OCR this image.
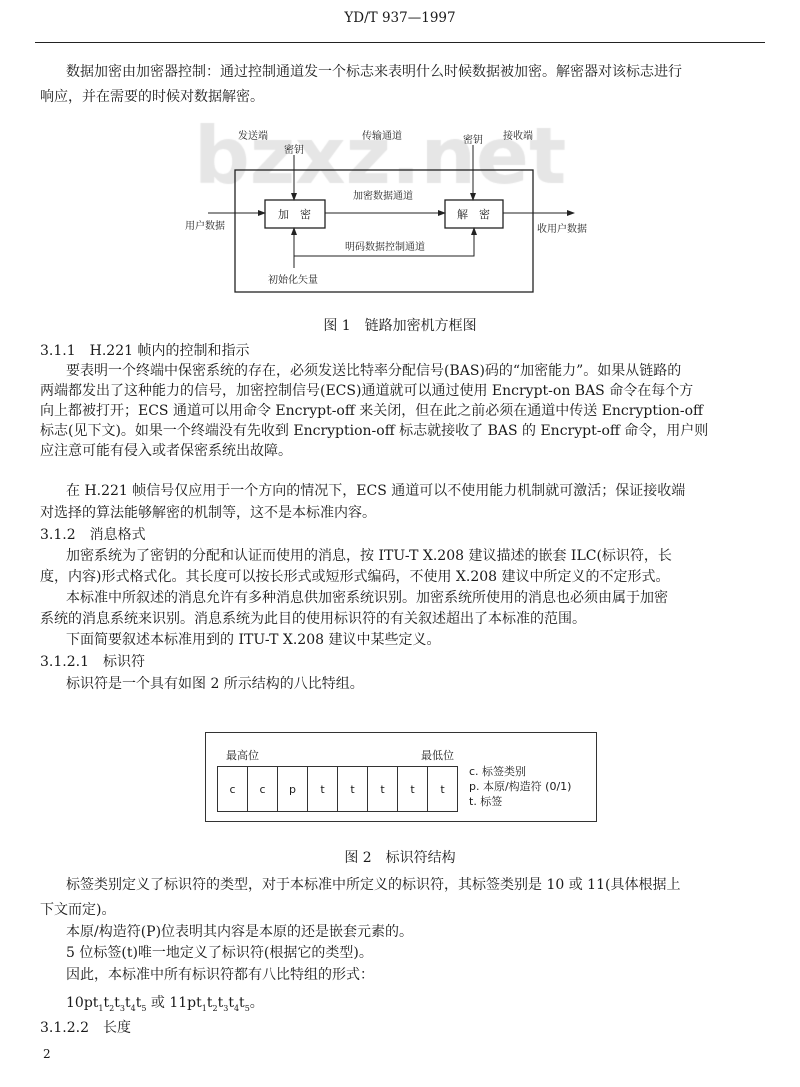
YD/T 937—1997
数据加密由加密器控制：通过控制通道发一个标志来表明什么时候数据被加密。解密器对该标志进行
响应，并在需要的时候对数据解密。
发送端	传输通道	接收端
密钥
密钥
加　密	解　密
加密数据通道
明码数据控制通道
用户数据	收用户数据
初始化矢量
图 1　链路加密机方框图
3.1.1　H.221 帧内的控制和指示
要表明一个终端中保密系统的存在，必须发送比特率分配信号(BAS)码的“加密能力”。如果从链路的
两端都发出了这种能力的信号，加密控制信号(ECS)通道就可以通过使用 Encrypt-on BAS 命令在每个方
向上都被打开；ECS 通道可以用命令 Encrypt-off 来关闭，但在此之前必须在通道中传送 Encryption-off
标志(见下文)。如果一个终端没有先收到 Encryption-off 标志就接收了 BAS 的 Encrypt-off 命令，用户则
应注意可能有侵入或者保密系统出故障。
在 H.221 帧信号仅应用于一个方向的情况下，ECS 通道可以不使用能力机制就可激活；保证接收端
对选择的算法能够解密的机制等，这不是本标准内容。
3.1.2　消息格式
加密系统为了密钥的分配和认证而使用的消息，按 ITU-T X.208 建议描述的嵌套 ILC(标识符，长
度，内容)形式格式化。其长度可以按长形式或短形式编码，不使用 X.208 建议中所定义的不定形式。
本标准中所叙述的消息允许有多种消息供加密系统识别。加密系统所使用的消息也必须由属于加密
系统的消息系统来识别。消息系统为此目的使用标识符的有关叙述超出了本标准的范围。
下面简要叙述本标准用到的 ITU-T X.208 建议中某些定义。
3.1.2.1　标识符
标识符是一个具有如图 2 所示结构的八比特组。
最高位	最低位
c	c	p	t	t	t	t	t
c. 标签类别
p. 本原/构造符 (0/1)
t. 标签
图 2　标识符结构
标签类别定义了标识符的类型，对于本标准中所定义的标识符，其标签类别是 10 或 11(具体根据上
下文而定)。
本原/构造符(P)位表明其内容是本原的还是嵌套元素的。
5 位标签(t)唯一地定义了标识符(根据它的类型)。
因此，本标准中所有标识符都有八比特组的形式：
$10pt_1t_2t_3t_4t_5$ 或 $11pt_1t_2t_3t_4t_5$。
3.1.2.2　长度
2
